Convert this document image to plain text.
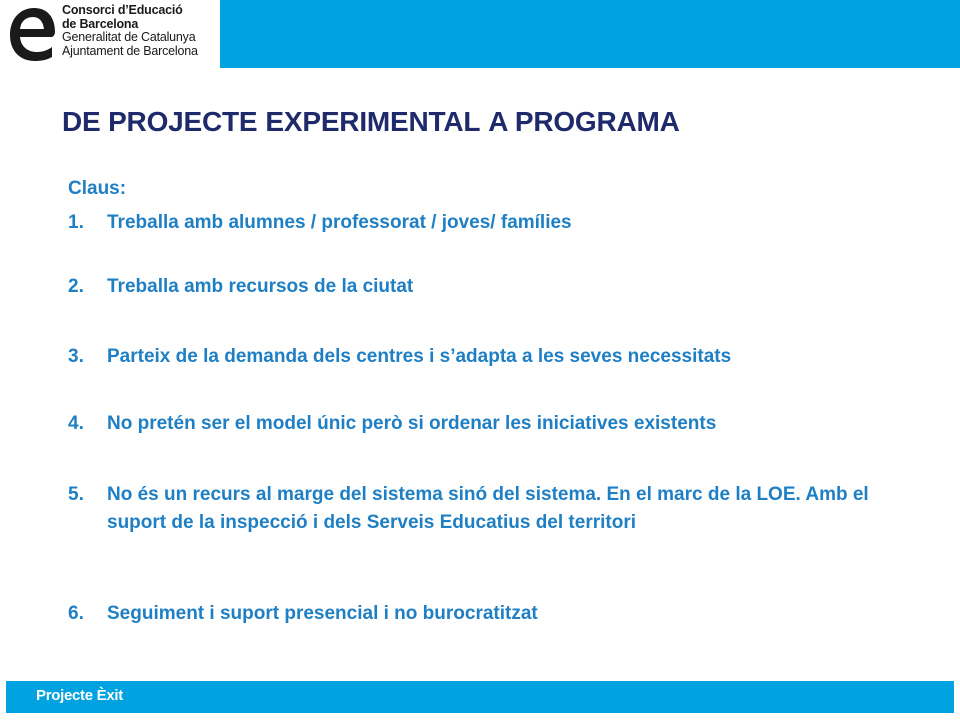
Consorci d’Educació
de Barcelona
Generalitat de Catalunya
Ajuntament de Barcelona
DE PROJECTE EXPERIMENTAL A PROGRAMA
Claus:
1.	Treballa amb alumnes / professorat / joves/ famílies
2.	Treballa amb recursos de la ciutat
3.	Parteix de la demanda dels centres i s’adapta a les seves necessitats
4.	No pretén ser el model únic però si ordenar les iniciatives existents
5.	No és un recurs al marge del sistema sinó del sistema. En el marc de la LOE. Amb el suport de la inspecció i dels Serveis Educatius del territori
6.	Seguiment i suport presencial i no burocratitzat
Projecte Èxit
